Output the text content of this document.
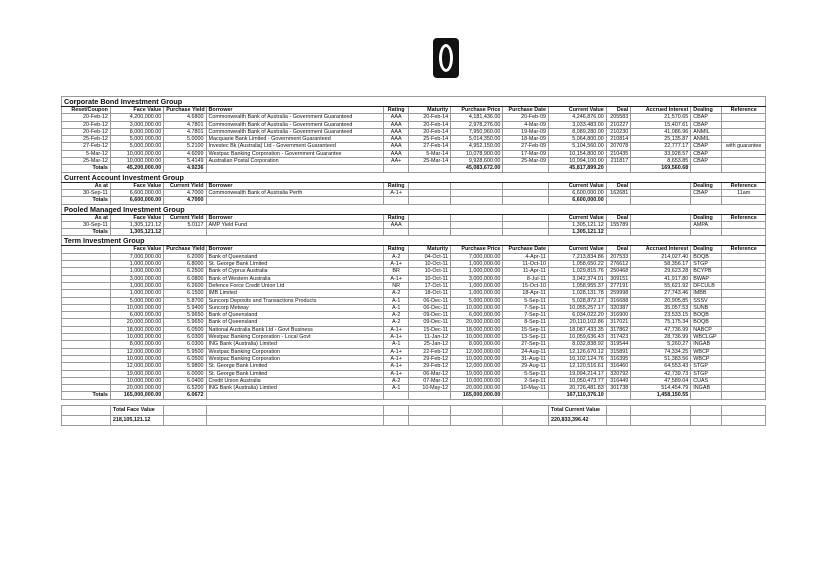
Corporate Bond Investment Group												
Reset/Coupon	Face Value	Purchase Yield	Borrower	Rating	Maturity	Purchase Price	Purchase Date	Current Value	Deal	Accrued Interest	Dealing	Reference
20-Feb-12	4,200,000.00	4.6800	Commonwealth Bank of Australia - Government Guaranteed	AAA	20-Feb-14	4,181,436.00	20-Feb-09	4,246,876.00	205583	21,570.65	CBAP	
20-Feb-12	3,000,000.00	4.7801	Commonwealth Bank of Australia - Government Guaranteed	AAA	20-Feb-14	2,978,276.00	4-Mar-09	3,033,483.00	210227	15,407.61	CBAP	
20-Feb-12	8,000,000.00	4.7801	Commonwealth Bank of Australia - Government Guaranteed	AAA	20-Feb-14	7,950,960.00	19-Mar-09	8,089,280.00	210230	41,086.96	ANMIL	
25-Feb-12	5,000,000.00	5.0000	Macquarie Bank Limited - Government Guaranteed	AAA	25-Feb-14	5,014,350.00	18-Mar-09	5,064,800.00	210814	25,135.87	ANMIL	
27-Feb-12	5,000,000.00	5.2100	Investec Bk (Australia) Ltd - Government Guaranteed	AAA	27-Feb-14	4,952,150.00	27-Feb-09	5,104,560.00	207078	22,777.17	CBAP	with guarantee
5-Mar-12	10,000,000.00	4.6099	Westpac Banking Corporation - Government Guarantee	AAA	5-Mar-14	10,078,900.00	17-Mar-09	10,154,800.00	210435	33,928.57	CBAP	
25-Mar-12	10,000,000.00	5.4149	Australian Postal Corporation	AA+	25-Mar-14	9,928,600.00	25-Mar-09	10,094,100.00	211817	8,653.85	CBAP	
Totals	45,200,000.00	4.9236				45,083,672.00		45,817,899.20		169,560.68		
Current Account Investment Group												
As at	Face Value	Current Yield	Borrower	Rating				Current Value	Deal		Dealing	Reference
30-Sep-11	6,600,000.00	4.7000	Commonwealth Bank of Australia Perth	A-1+				6,600,000.00	162681		CBAP	11am
Totals	6,600,000.00	4.7000						6,600,000.00				
Pooled Managed Investment Group												
As at	Face Value	Current Yield	Borrower	Rating				Current Value	Deal		Dealing	Reference
30-Sep-11	1,305,121.12	5.0117	AMP Yield Fund	AAA				1,305,121.12	155789		AMPA	
Totals	1,305,121.12							1,305,121.12				
Term Investment Group												
	Face Value	Purchase Yield	Borrower	Rating	Maturity	Purchase Price	Purchase Date	Current Value	Deal	Accrued Interest	Dealing	Reference
	7,000,000.00	6.2000	Bank of Queensland	A-2	04-Oct-11	7,000,000.00	4-Apr-11	7,213,834.86	207533	214,027.40	BOQB	
	1,000,000.00	6.8000	St. George Bank Limited	A-1+	10-Oct-11	1,000,000.00	11-Oct-10	1,058,650.22	276612	58,356.17	STGP	
	1,000,000.00	6.2500	Bank of Cyprus Australia	BR	10-Oct-11	1,000,000.00	11-Apr-11	1,029,815.76	250468	29,623.28	BCYPB	
	3,000,000.00	6.0800	Bank of Western Australia	A-1+	10-Oct-11	3,000,000.00	8-Jul-11	3,042,374.01	309151	41,917.80	BWAP	
	1,000,000.00	6.2600	Defence Force Credit Union Ltd	NR	17-Oct-11	1,000,000.00	15-Oct-10	1,058,955.37	277191	55,621.92	DFCULB	
	1,000,000.00	6.1500	IMB Limited	A-2	18-Oct-11	1,000,000.00	18-Apr-11	1,028,131.78	259998	27,743.46	IMBB	
	5,000,000.00	5.8700	Suncorp Deposits and Transactions Products	A-1	06-Dec-11	5,000,000.00	5-Sep-11	5,028,872.17	316688	20,905.85	SSSV	
	10,000,000.00	5.9400	Suncorp Metway	A-1	06-Dec-11	10,000,000.00	7-Sep-11	10,055,257.17	320387	35,057.53	SUNB	
	6,000,000.00	5.9650	Bank of Queensland	A-2	09-Dec-11	6,000,000.00	7-Sep-11	6,034,022.20	316900	23,533.15	BOQB	
	20,000,000.00	5.9650	Bank of Queensland	A-2	09-Dec-11	20,000,000.00	8-Sep-11	20,110,102.86	317021	75,175.34	BOQB	
	18,000,000.00	6.0500	National Australia Bank Ltd - Govt Business	A-1+	15-Dec-11	18,000,000.00	15-Sep-11	18,087,433.35	317862	47,736.99	NABCP	
	10,000,000.00	6.0300	Westpac Banking Corporation - Local Govt	A-1+	11-Jan-12	10,000,000.00	13-Sep-11	10,059,636.43	317423	28,736.99	WBCLGP	
	8,000,000.00	6.0300	ING Bank (Australia) Limited	A-1	25-Jan-12	8,000,000.00	27-Sep-11	8,032,838.92	319544	5,260.27	INGAB	
	12,000,000.00	5.9500	Westpac Banking Corporation	A-1+	22-Feb-12	12,000,000.00	24-Aug-11	12,126,670.12	315891	74,334.25	WBCP	
	10,000,000.00	6.0500	Westpac Banking Corporation	A-1+	29-Feb-12	10,000,000.00	31-Aug-11	10,102,124.76	316395	51,383.56	WBCP	
	12,000,000.00	5.9800	St. George Bank Limited	A-1+	29-Feb-12	12,000,000.00	29-Aug-11	12,120,516.61	316460	64,553.43	STGP	
	19,000,000.00	6.0000	St. George Bank Limited	A-1+	06-Mar-12	19,000,000.00	5-Sep-11	19,094,214.17	320792	42,739.73	STGP	
	10,000,000.00	6.0400	Credit Union Australia	A-2	07-Mar-12	10,000,000.00	2-Sep-11	10,050,473.77	316449	47,589.04	CUAS	
	20,000,000.00	6.5200	ING Bank (Australia) Limited	A-1	10-May-12	20,000,000.00	10-May-11	20,726,481.83	301738	514,454.79	INGAB	
Totals	165,000,000.00	6.0672				165,000,000.00		167,110,376.10		1,458,150.55		

	Total Face Value							Total Current Value				
	218,105,121.12							220,833,396.42				
